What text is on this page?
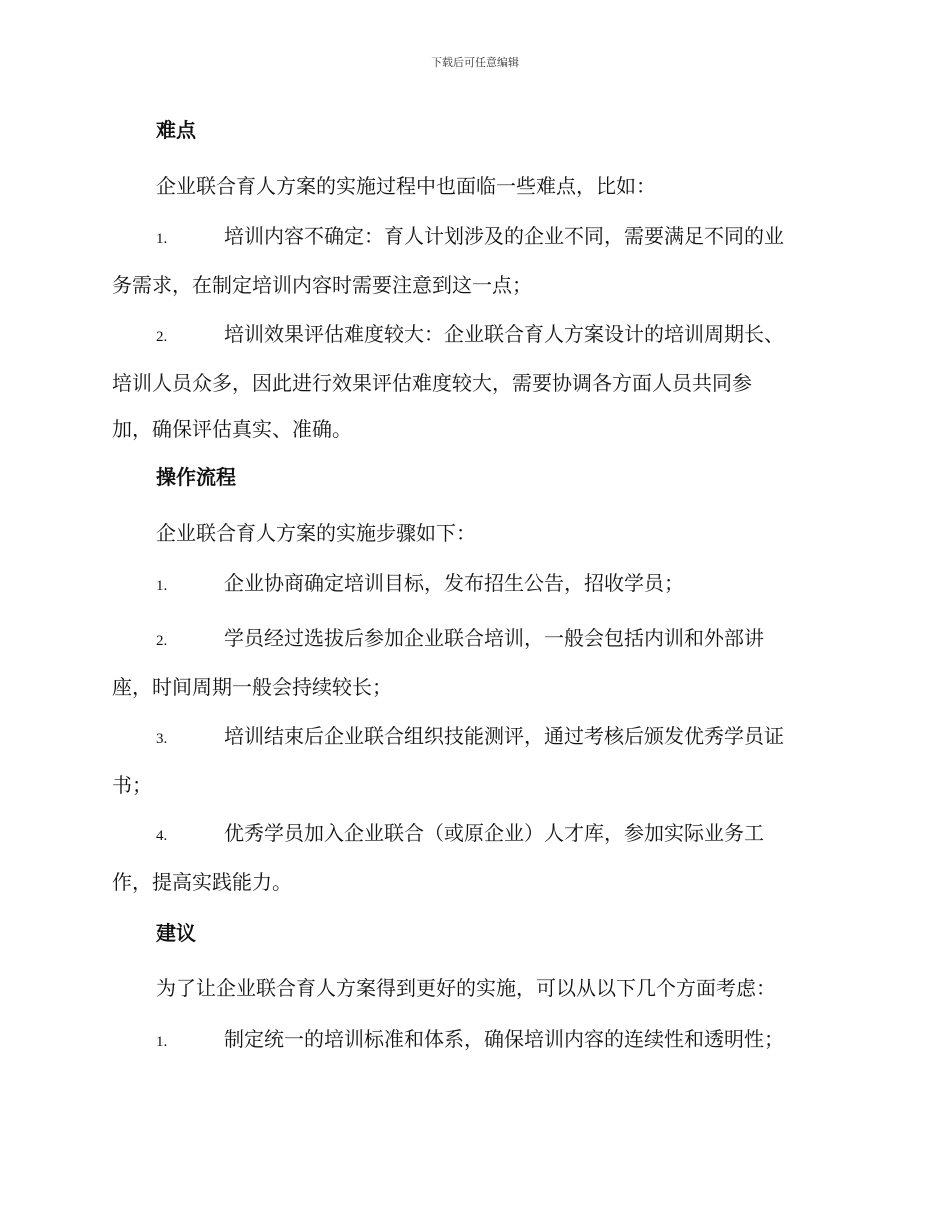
下载后可任意编辑
难点
企业联合育人方案的实施过程中也面临一些难点，比如：
1.	培训内容不确定：育人计划涉及的企业不同，需要满足不同的业
务需求，在制定培训内容时需要注意到这一点；
2.	培训效果评估难度较大：企业联合育人方案设计的培训周期长、
培训人员众多，因此进行效果评估难度较大，需要协调各方面人员共同参
加，确保评估真实、准确。
操作流程
企业联合育人方案的实施步骤如下：
1.	企业协商确定培训目标，发布招生公告，招收学员；
2.	学员经过选拔后参加企业联合培训，一般会包括内训和外部讲
座，时间周期一般会持续较长；
3.	培训结束后企业联合组织技能测评，通过考核后颁发优秀学员证
书；
4.	优秀学员加入企业联合（或原企业）人才库，参加实际业务工
作，提高实践能力。
建议
为了让企业联合育人方案得到更好的实施，可以从以下几个方面考虑：
1.	制定统一的培训标准和体系，确保培训内容的连续性和透明性；
